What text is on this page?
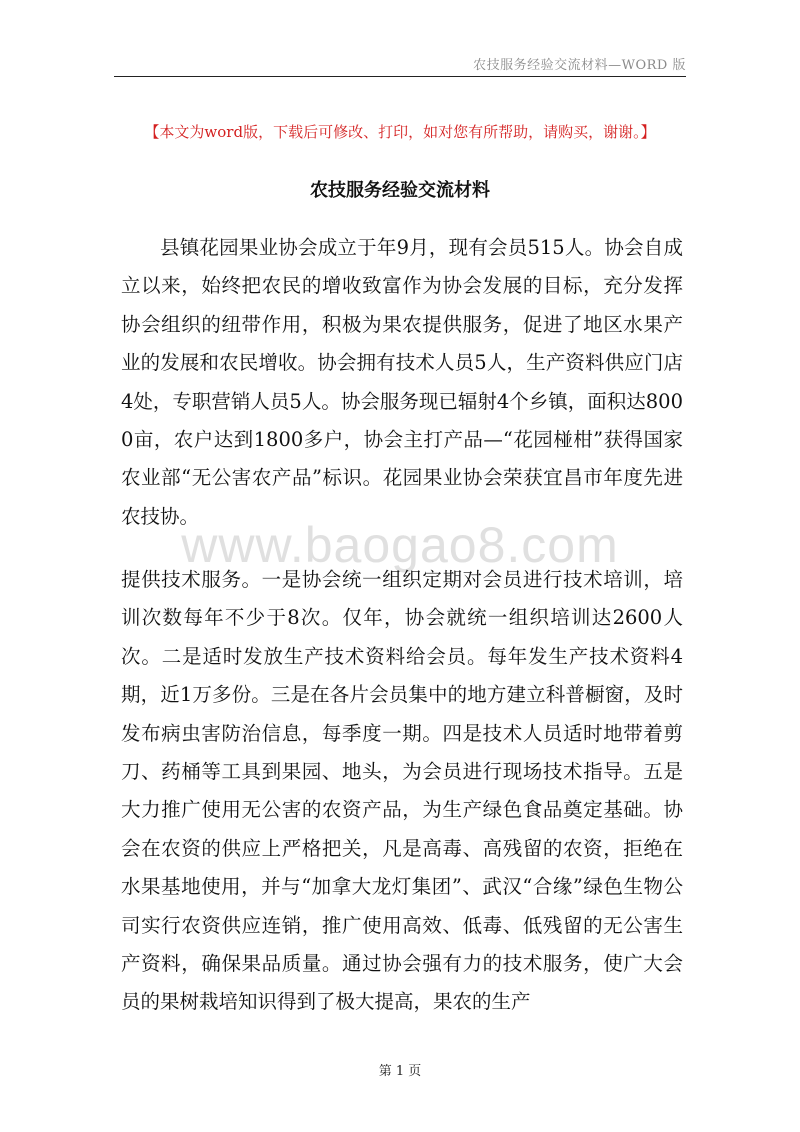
农技服务经验交流材料—WORD 版
【本文为word版，下载后可修改、打印，如对您有所帮助，请购买，谢谢。】
农技服务经验交流材料

县镇花园果业协会成立于年9月，现有会员515人。协会自成立以来，始终把农民的增收致富作为协会发展的目标，充分发挥协会组织的纽带作用，积极为果农提供服务，促进了地区水果产业的发展和农民增收。协会拥有技术人员5人，生产资料供应门店4处，专职营销人员5人。协会服务现已辐射4个乡镇，面积达8000亩，农户达到1800多户，协会主打产品—“花园椪柑”获得国家农业部“无公害农产品”标识。花园果业协会荣获宜昌市年度先进农技协。

www.baogao8.com

提供技术服务。一是协会统一组织定期对会员进行技术培训，培训次数每年不少于8次。仅年，协会就统一组织培训达2600人次。二是适时发放生产技术资料给会员。每年发生产技术资料4期，近1万多份。三是在各片会员集中的地方建立科普橱窗，及时发布病虫害防治信息，每季度一期。四是技术人员适时地带着剪刀、药桶等工具到果园、地头，为会员进行现场技术指导。五是大力推广使用无公害的农资产品，为生产绿色食品奠定基础。协会在农资的供应上严格把关，凡是高毒、高残留的农资，拒绝在水果基地使用，并与“加拿大龙灯集团”、武汉“合缘”绿色生物公司实行农资供应连销，推广使用高效、低毒、低残留的无公害生产资料，确保果品质量。通过协会强有力的技术服务，使广大会员的果树栽培知识得到了极大提高，果农的生产

第 1 页
